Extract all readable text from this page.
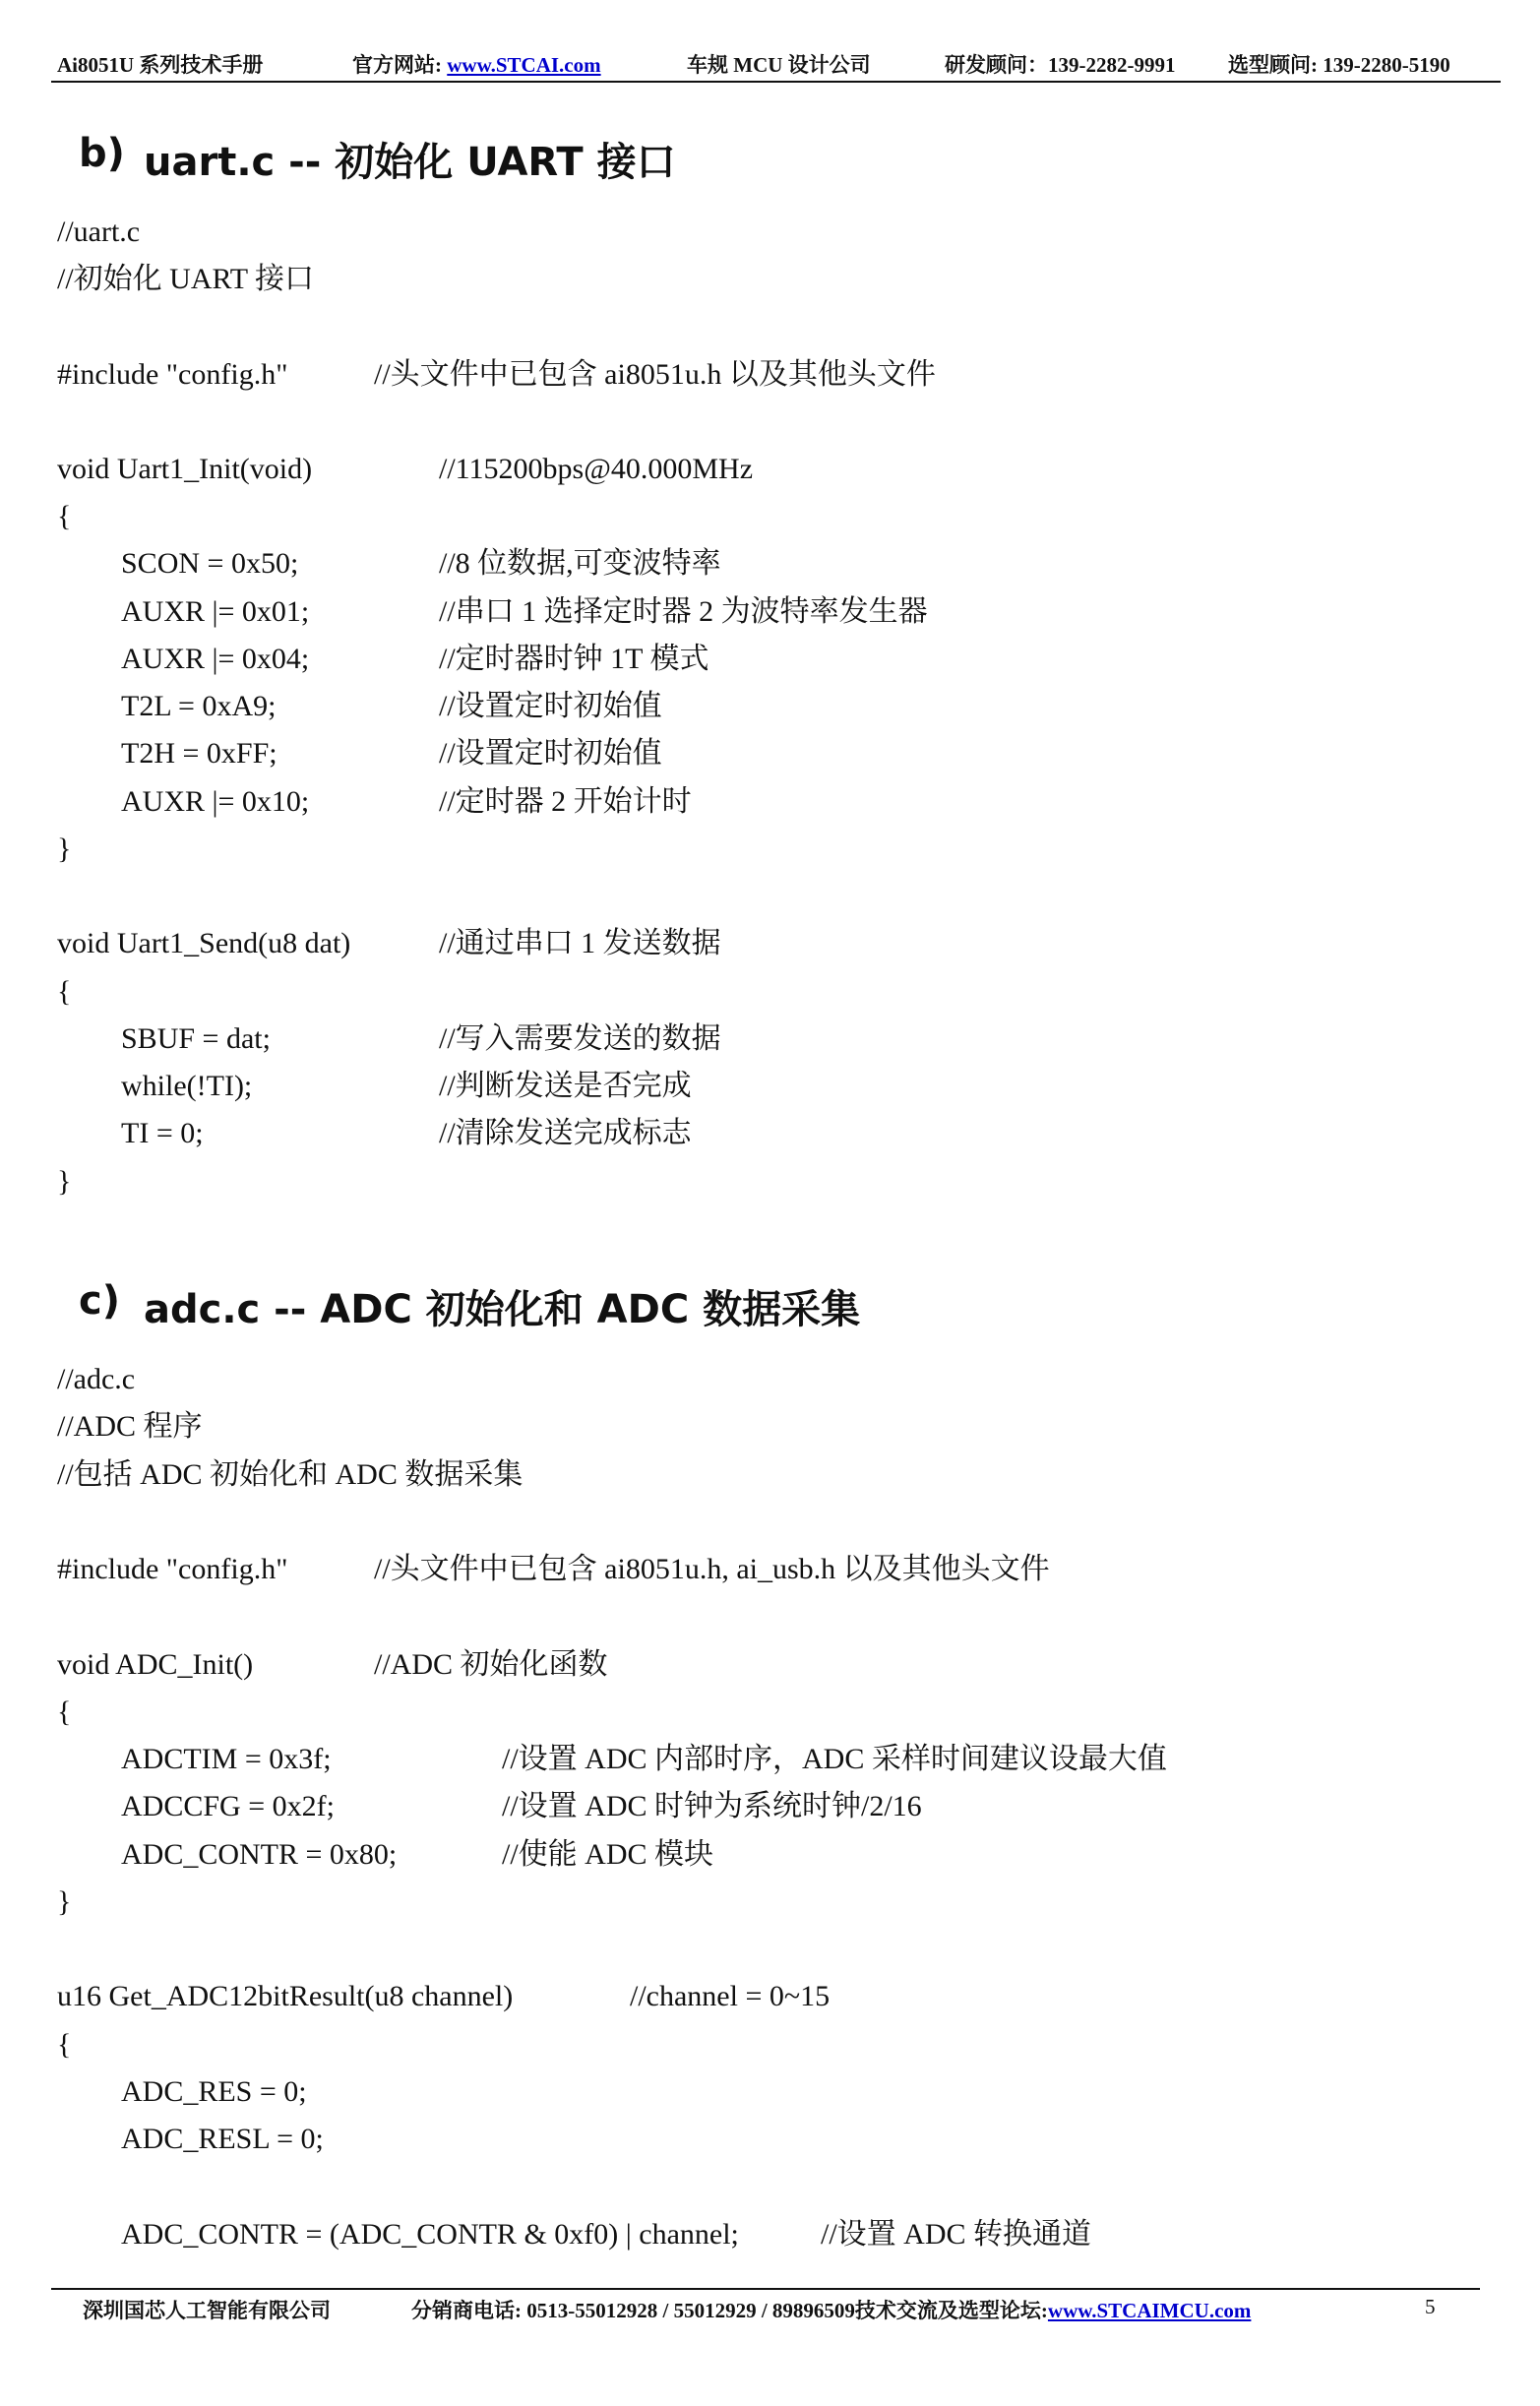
Ai8051U 系列技术手册	官方网站: www.STCAI.com	车规 MCU 设计公司	研发顾问：139-2282-9991	选型顾问: 139-2280-5190
b) uart.c -- 初始化 UART 接口
//uart.c
//初始化 UART 接口
#include "config.h"	//头文件中已包含 ai8051u.h 以及其他头文件
void Uart1_Init(void)	//115200bps@40.000MHz
{
SCON = 0x50;	//8 位数据,可变波特率
AUXR |= 0x01;	//串口 1 选择定时器 2 为波特率发生器
AUXR |= 0x04;	//定时器时钟 1T 模式
T2L = 0xA9;	//设置定时初始值
T2H = 0xFF;	//设置定时初始值
AUXR |= 0x10;	//定时器 2 开始计时
}
void Uart1_Send(u8 dat)	//通过串口 1 发送数据
{
SBUF = dat;	//写入需要发送的数据
while(!TI);	//判断发送是否完成
TI = 0;	//清除发送完成标志
}
c) adc.c -- ADC 初始化和 ADC 数据采集
//adc.c
//ADC 程序
//包括 ADC 初始化和 ADC 数据采集
#include "config.h"	//头文件中已包含 ai8051u.h, ai_usb.h 以及其他头文件
void ADC_Init()	//ADC 初始化函数
{
ADCTIM = 0x3f;	//设置 ADC 内部时序，ADC 采样时间建议设最大值
ADCCFG = 0x2f;	//设置 ADC 时钟为系统时钟/2/16
ADC_CONTR = 0x80;	//使能 ADC 模块
}
u16 Get_ADC12bitResult(u8 channel)	//channel = 0~15
{
ADC_RES = 0;
ADC_RESL = 0;
ADC_CONTR = (ADC_CONTR & 0xf0) | channel;	//设置 ADC 转换通道
深圳国芯人工智能有限公司	分销商电话: 0513-55012928 / 55012929 / 89896509技术交流及选型论坛:www.STCAIMCU.com	5
